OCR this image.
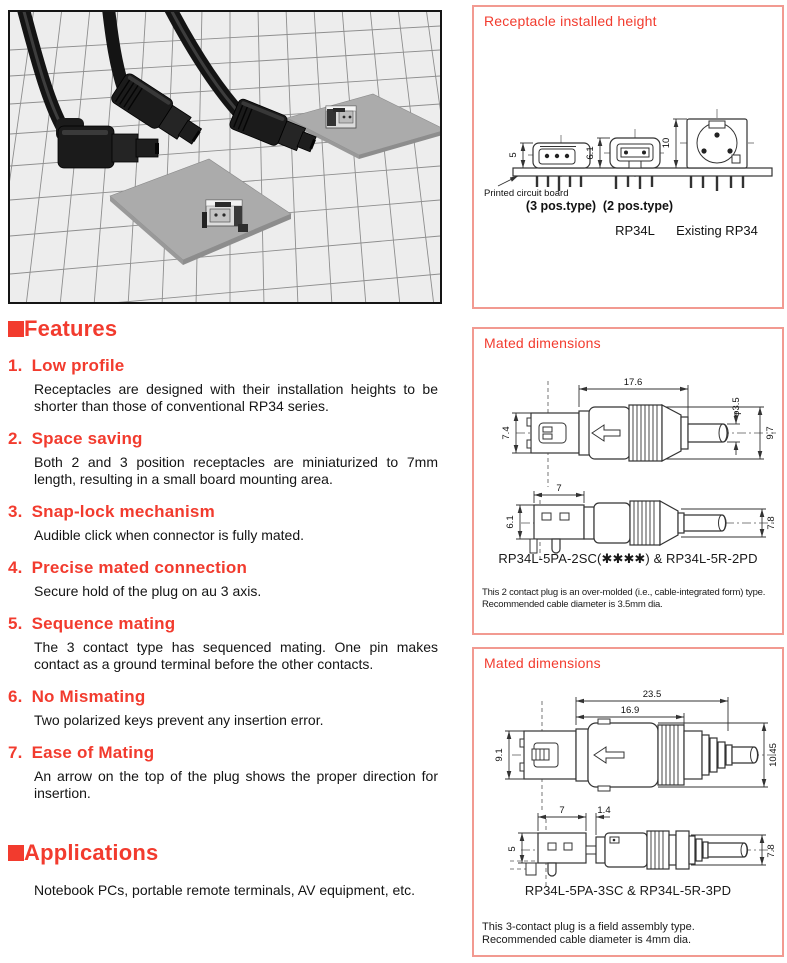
Features
1. Low profile

Receptacles are designed with their installation heights to be shorter than those of conventional RP34 series.

2. Space saving

Both 2 and 3 position receptacles are miniaturized to 7mm length, resulting in a small board mounting area.

3. Snap-lock mechanism

Audible click when connector is fully mated.

4. Precise mated connection

Secure hold of the plug on au 3 axis.

5. Sequence mating

The 3 contact type has sequenced mating. One pin makes contact as a ground terminal before the other contacts.

6. No Mismating

Two polarized keys prevent any insertion error.

7. Ease of Mating

An arrow on the top of the plug shows the proper direction for insertion.

Applications

Notebook PCs, portable remote terminals, AV equipment, etc.

Receptacle installed height
5	6.1
10
Printed circuit board
(3 pos.type) (2 pos.type)
RP34L Existing RP34
Mated dimensions
17.6
7.4
φ3.5
9.7
7
6.1	7.8
RP34L-5PA-2SC(✱✱✱✱) & RP34L-5R-2PD
This 2 contact plug is an over-molded (i.e., cable-integrated form) type.
Recommended cable diameter is 3.5mm dia.
Mated dimensions
23.5
16.9
9.1	10.45
7	1.4
5	7.8
RP34L-5PA-3SC & RP34L-5R-3PD
This 3-contact plug is a field assembly type.
Recommended cable diameter is 4mm dia.
